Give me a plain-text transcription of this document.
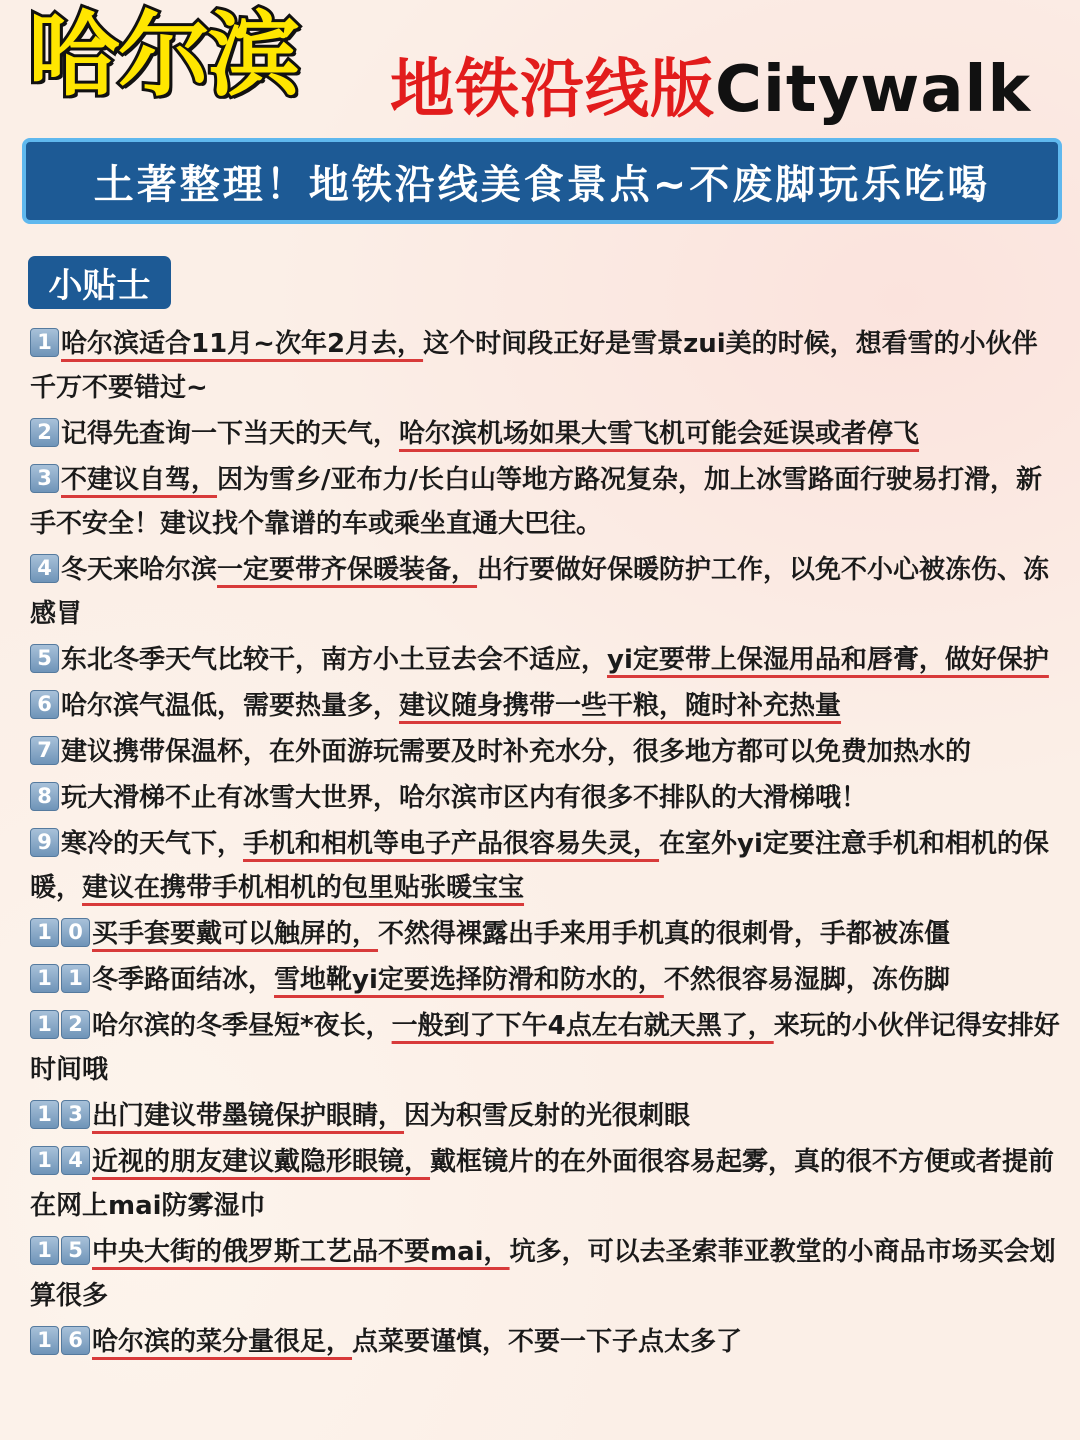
哈尔滨 地铁沿线版Citywalk
土著整理！地铁沿线美食景点~不废脚玩乐吃喝
小贴士
1 哈尔滨适合11月~次年2月去，这个时间段正好是雪景zui美的时候，想看雪的小伙伴千万不要错过~
2 记得先查询一下当天的天气，哈尔滨机场如果大雪飞机可能会延误或者停飞
3 不建议自驾，因为雪乡/亚布力/长白山等地方路况复杂，加上冰雪路面行驶易打滑，新手不安全！建议找个靠谱的车或乘坐直通大巴往。
4 冬天来哈尔滨一定要带齐保暖装备，出行要做好保暖防护工作，以免不小心被冻伤、冻感冒
5 东北冬季天气比较干，南方小土豆去会不适应，yi定要带上保湿用品和唇膏，做好保护
6 哈尔滨气温低，需要热量多，建议随身携带一些干粮，随时补充热量
7 建议携带保温杯，在外面游玩需要及时补充水分，很多地方都可以免费加热水的
8 玩大滑梯不止有冰雪大世界，哈尔滨市区内有很多不排队的大滑梯哦！
9 寒冷的天气下，手机和相机等电子产品很容易失灵，在室外yi定要注意手机和相机的保暖，建议在携带手机相机的包里贴张暖宝宝
1 0 买手套要戴可以触屏的，不然得裸露出手来用手机真的很刺骨，手都被冻僵
1 1 冬季路面结冰，雪地靴yi定要选择防滑和防水的，不然很容易湿脚，冻伤脚
1 2 哈尔滨的冬季昼短*夜长，一般到了下午4点左右就天黑了，来玩的小伙伴记得安排好时间哦
1 3 出门建议带墨镜保护眼睛，因为积雪反射的光很刺眼
1 4 近视的朋友建议戴隐形眼镜，戴框镜片的在外面很容易起雾，真的很不方便或者提前在网上mai防雾湿巾
1 5 中央大街的俄罗斯工艺品不要mai，坑多，可以去圣索菲亚教堂的小商品市场买会划算很多
1 6 哈尔滨的菜分量很足，点菜要谨慎，不要一下子点太多了
